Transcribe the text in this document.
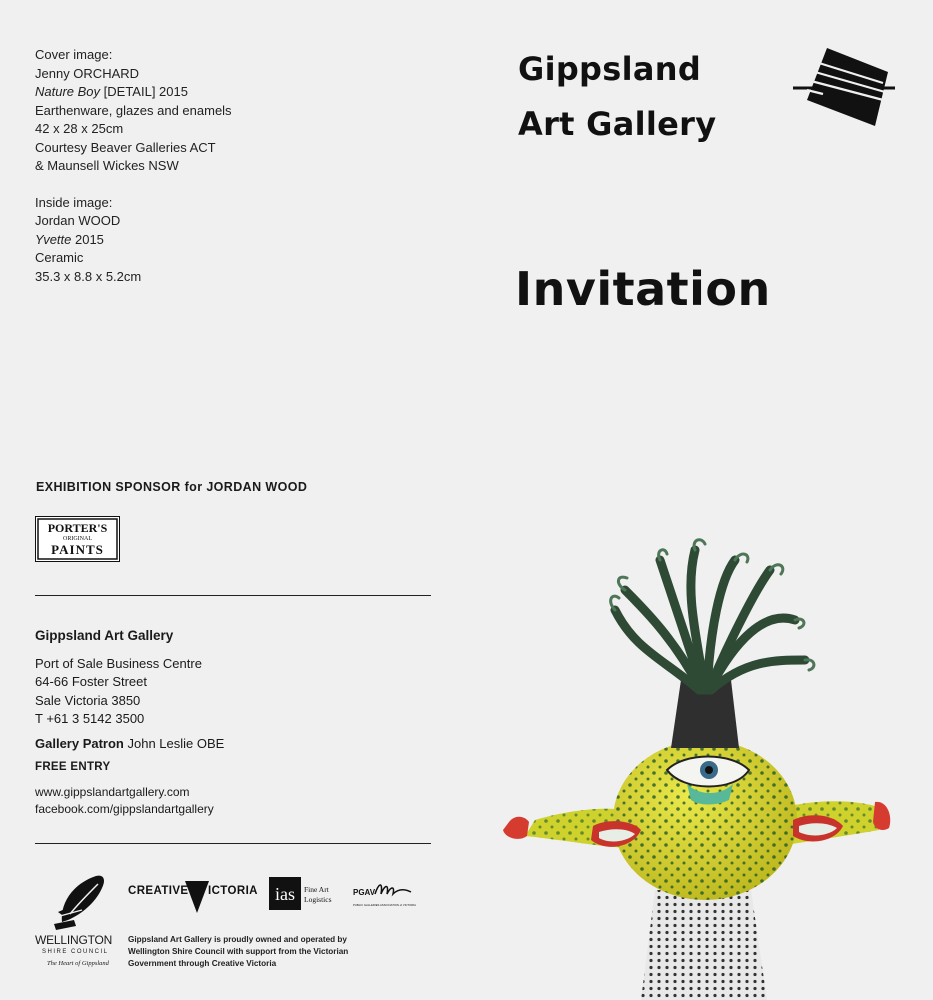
Cover image:
Jenny ORCHARD
Nature Boy [DETAIL] 2015
Earthenware, glazes and enamels
42 x 28 x 25cm
Courtesy Beaver Galleries ACT
& Maunsell Wickes NSW
Inside image:
Jordan WOOD
Yvette 2015
Ceramic
35.3 x 8.8 x 5.2cm
Gippsland
Art Gallery
Invitation
EXHIBITION SPONSOR for JORDAN WOOD
PORTER'S
ORIGINAL
PAINTS
Gippsland Art Gallery
Port of Sale Business Centre
64-66 Foster Street
Sale Victoria 3850
T +61 3 5142 3500
Gallery Patron John Leslie OBE
FREE ENTRY
www.gippslandartgallery.com
facebook.com/gippslandartgallery
WELLINGTON
SHIRE COUNCIL
The Heart of Gippsland
CREATIVE ICTORIA ias Fine Art
Logistics
PGAV
PUBLIC GALLERIES ASSOCIATION of VICTORIA
Gippsland Art Gallery is proudly owned and operated by Wellington Shire Council with support from the Victorian Government through Creative Victoria
